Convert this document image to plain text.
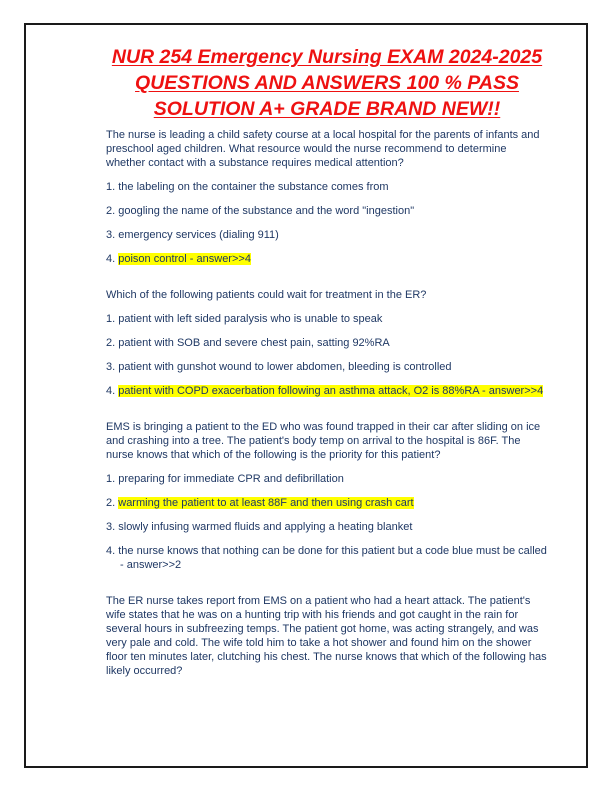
NUR 254 Emergency Nursing EXAM 2024-2025
QUESTIONS AND ANSWERS 100 % PASS
SOLUTION A+ GRADE BRAND NEW!!

The nurse is leading a child safety course at a local hospital for the parents of infants and preschool aged children. What resource would the nurse recommend to determine whether contact with a substance requires medical attention?

1. the labeling on the container the substance comes from

2. googling the name of the substance and the word "ingestion"

3. emergency services (dialing 911)

4. poison control - answer>>4

Which of the following patients could wait for treatment in the ER?

1. patient with left sided paralysis who is unable to speak

2. patient with SOB and severe chest pain, satting 92%RA

3. patient with gunshot wound to lower abdomen, bleeding is controlled

4. patient with COPD exacerbation following an asthma attack, O2 is 88%RA - answer>>4

EMS is bringing a patient to the ED who was found trapped in their car after sliding on ice and crashing into a tree. The patient's body temp on arrival to the hospital is 86F. The nurse knows that which of the following is the priority for this patient?

1. preparing for immediate CPR and defibrillation

2. warming the patient to at least 88F and then using crash cart

3. slowly infusing warmed fluids and applying a heating blanket

4. the nurse knows that nothing can be done for this patient but a code blue must be called - answer>>2

The ER nurse takes report from EMS on a patient who had a heart attack. The patient's wife states that he was on a hunting trip with his friends and got caught in the rain for several hours in subfreezing temps. The patient got home, was acting strangely, and was very pale and cold. The wife told him to take a hot shower and found him on the shower floor ten minutes later, clutching his chest. The nurse knows that which of the following has likely occurred?
